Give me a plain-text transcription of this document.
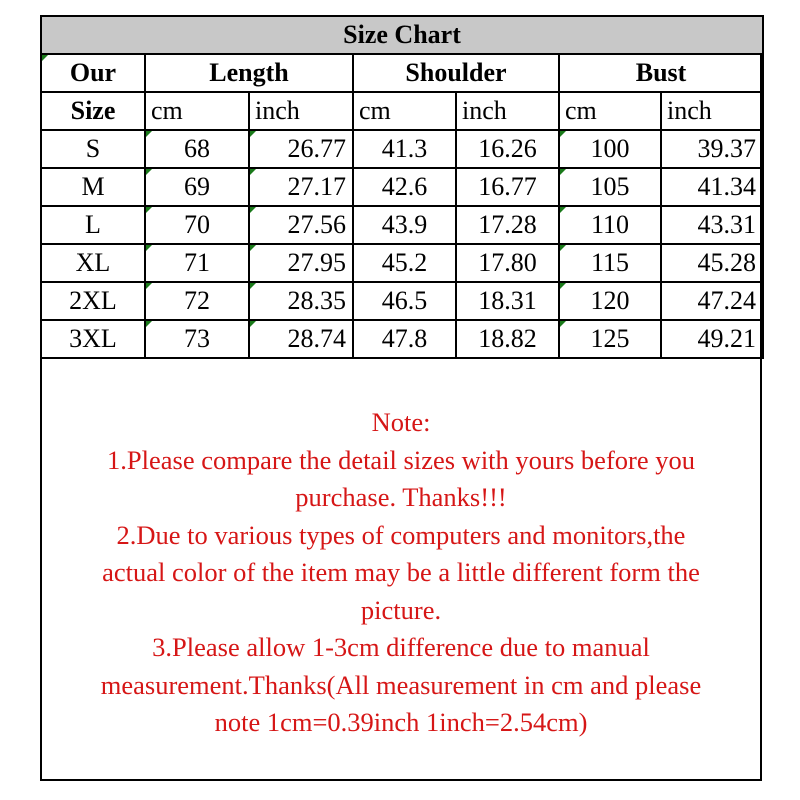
Size Chart						
Our	Length		Shoulder		Bust	
Size	cm	inch	cm	inch	cm	inch
S	68	26.77	41.3	16.26	100	39.37
M	69	27.17	42.6	16.77	105	41.34
L	70	27.56	43.9	17.28	110	43.31
XL	71	27.95	45.2	17.80	115	45.28
2XL	72	28.35	46.5	18.31	120	47.24
3XL	73	28.74	47.8	18.82	125	49.21
Note:
1.Please compare the detail sizes with yours before you
purchase. Thanks!!!
2.Due to various types of computers and monitors,the
actual color of the item may be a little different form the
picture.
3.Please allow 1-3cm difference due to manual
measurement.Thanks(All measurement in cm and please
note 1cm=0.39inch 1inch=2.54cm)
